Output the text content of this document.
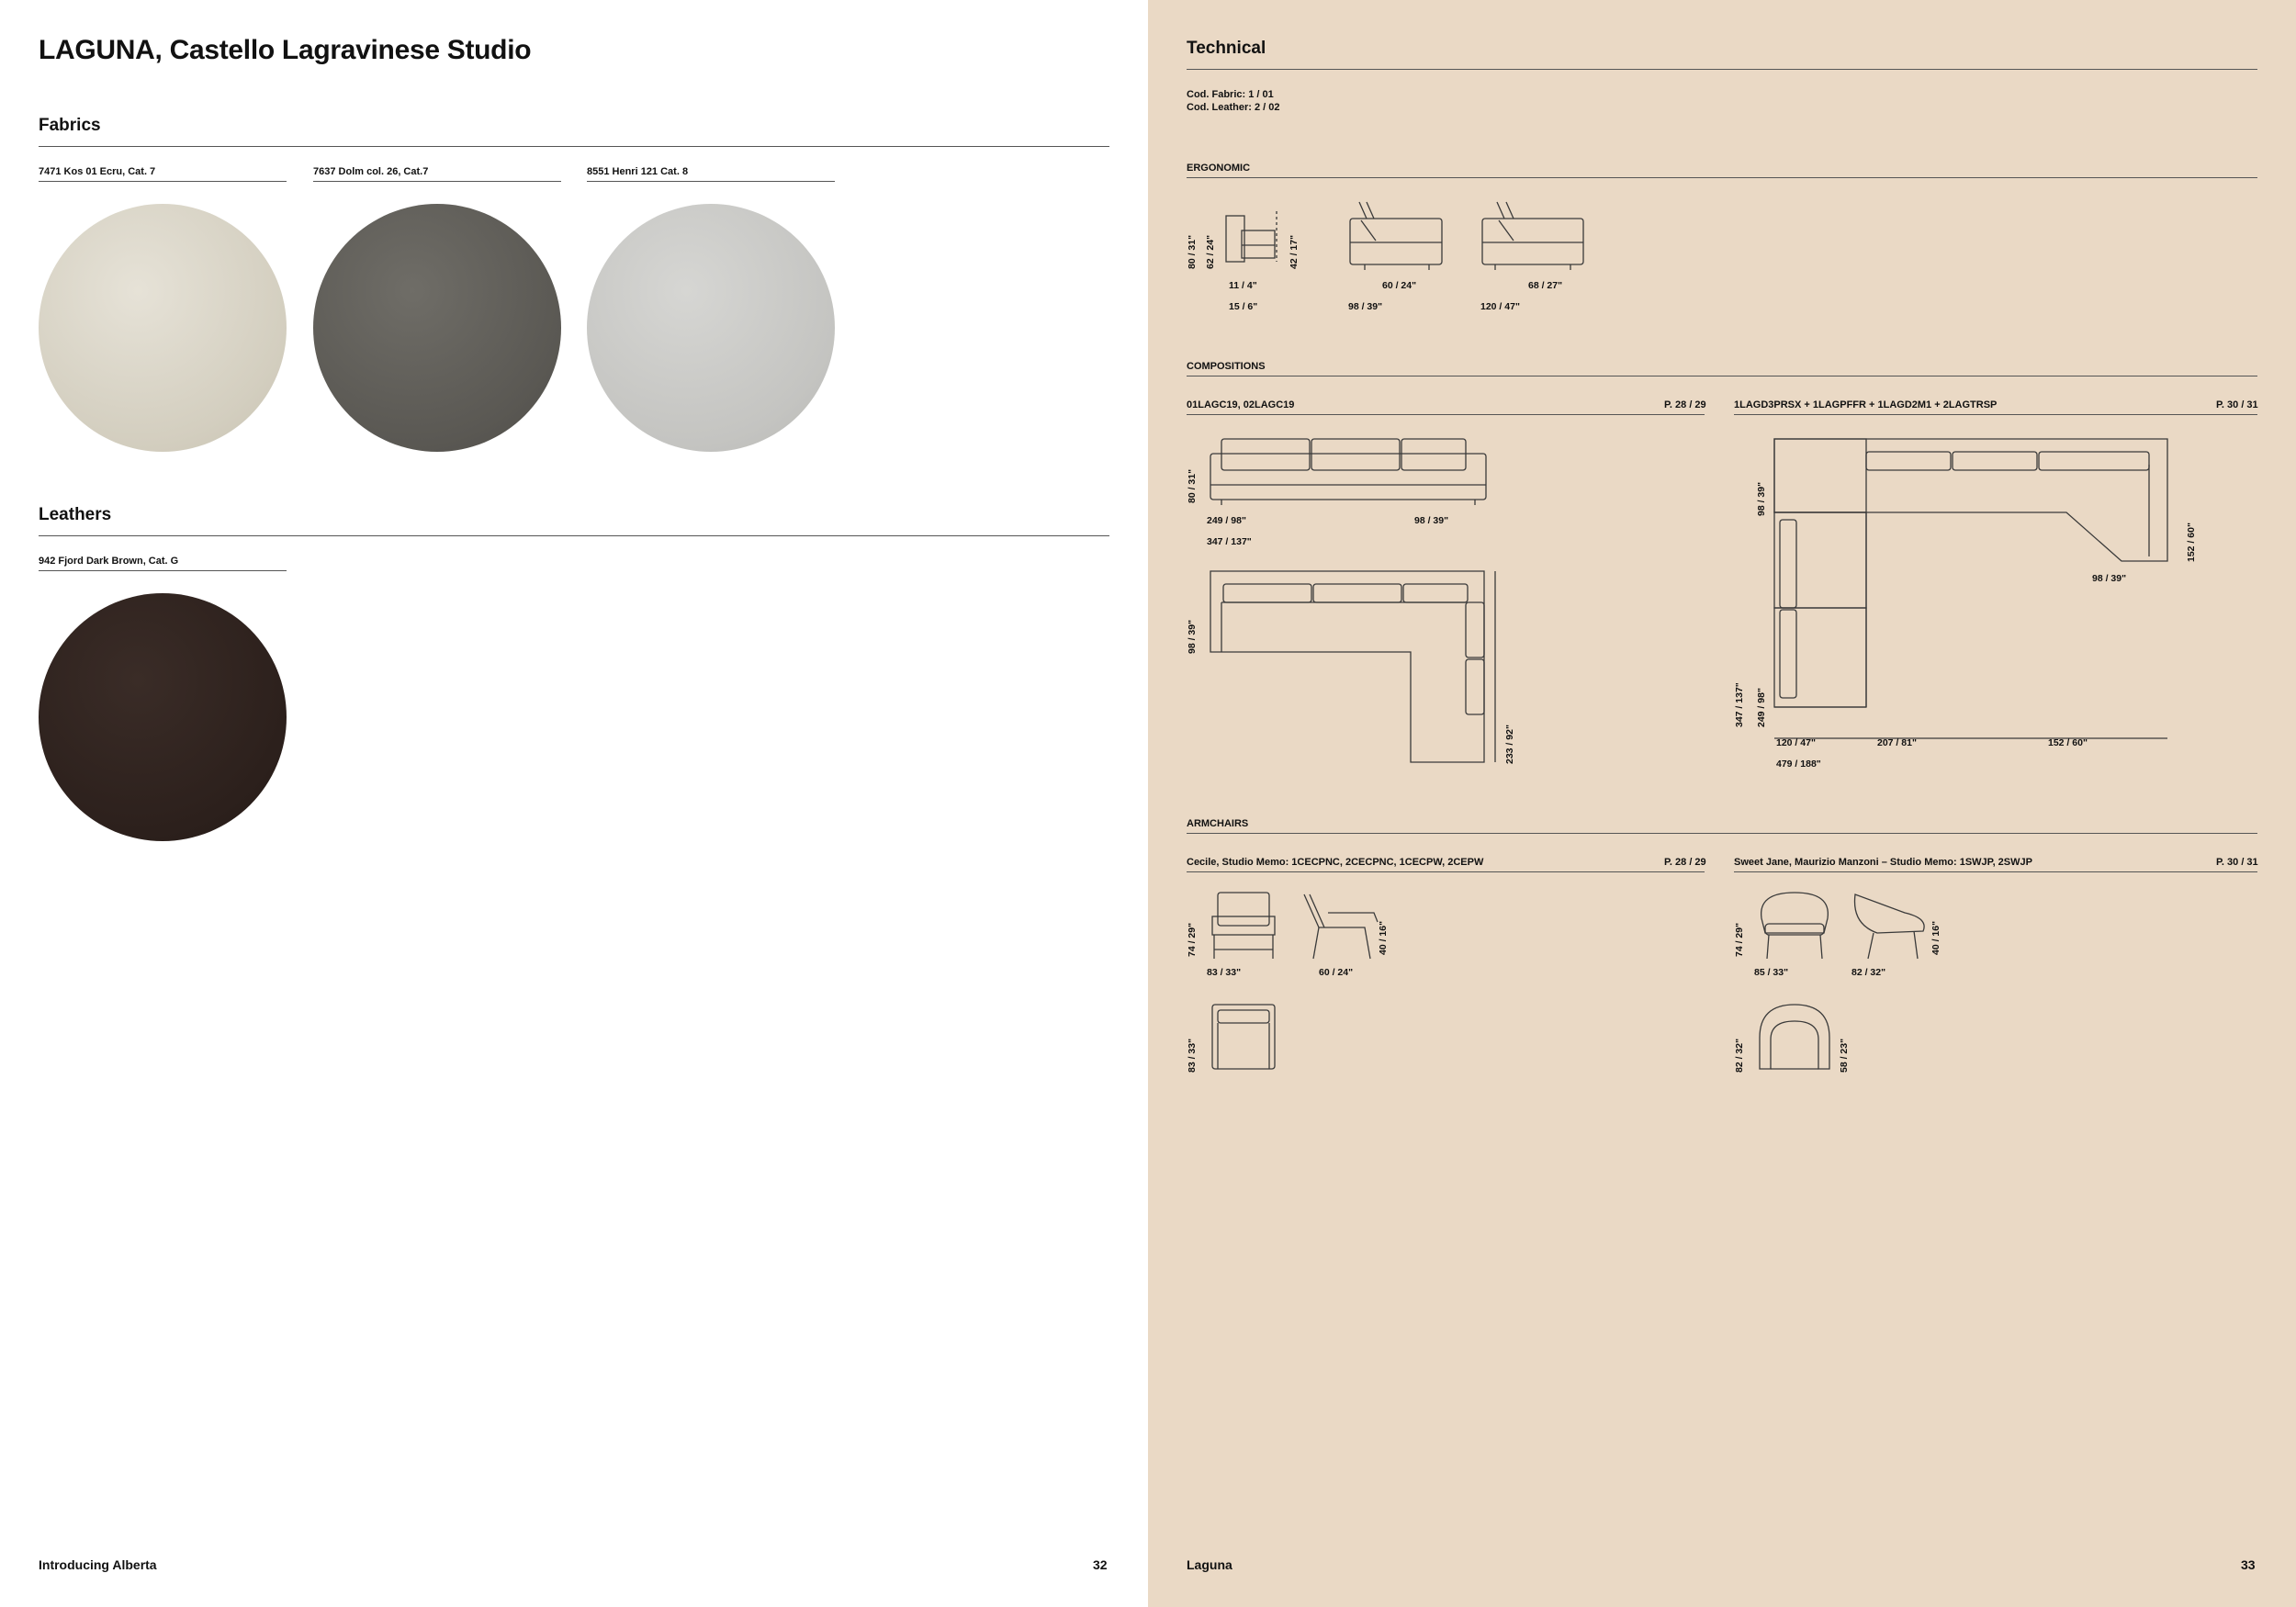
LAGUNA, Castello Lagravinese Studio
Fabrics
7471 Kos 01 Ecru, Cat. 7	7637 Dolm col. 26, Cat.7	8551 Henri 121 Cat. 8
Leathers
942 Fjord Dark Brown, Cat. G
Introducing Alberta	32
Technical
Cod. Fabric: 1 / 01
Cod. Leather: 2 / 02
ERGONOMIC
80 / 31" 62 / 24"	42 / 17"
11 / 4"
15 / 6"
60 / 24"
98 / 39"
68 / 27"
120 / 47"
COMPOSITIONS
01LAGC19, 02LAGC19	P. 28 / 29	1LAGD3PRSX + 1LAGPFFR + 1LAGD2M1 + 2LAGTRSP	P. 30 / 31
80 / 31"
249 / 98"	98 / 39"
347 / 137"
98 / 39"
233 / 92"
98 / 39"
152 / 60"
98 / 39"
347 / 137" 249 / 98"
120 / 47"	207 / 81"	152 / 60"
479 / 188"
ARMCHAIRS
Cecile, Studio Memo: 1CECPNC, 2CECPNC, 1CECPW, 2CEPW	P. 28 / 29	Sweet Jane, Maurizio Manzoni – Studio Memo: 1SWJP, 2SWJP	P. 30 / 31
74 / 29"
83 / 33"
40 / 16"
60 / 24"
83 / 33"
74 / 29"
85 / 33"
40 / 16"
82 / 32"
82 / 32"	58 / 23"
Laguna	33
